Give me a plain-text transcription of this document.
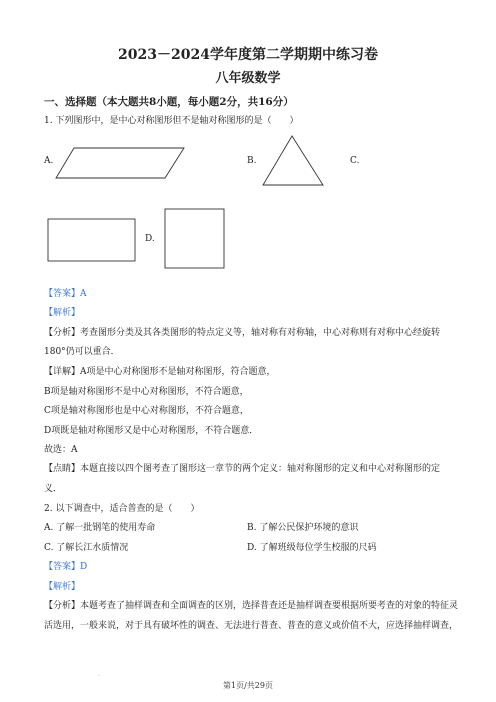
2023－2024学年度第二学期期中练习卷
八年级数学
一、选择题（本大题共8小题，每小题2分，共16分）
1. 下列图形中，是中心对称图形但不是轴对称图形的是（　　）
A.	B.	C.
D.
【答案】A
【解析】
【分析】考查图形分类及其各类图形的特点定义等，轴对称有对称轴，中心对称则有对称中心经旋转
180°仍可以重合．
【详解】A项是中心对称图形不是轴对称图形，符合题意，
B项是轴对称图形不是中心对称图形，不符合题意，
C项是轴对称图形也是中心对称图形，不符合题意，
D项既是轴对称图形又是中心对称图形，不符合题意．
故选：A
【点睛】本题直接以四个图考查了图形这一章节的两个定义：轴对称图形的定义和中心对称图形的定
义．
2. 以下调查中，适合普查的是（　　）
A. 了解一批钢笔的使用寿命	B. 了解公民保护环境的意识
C. 了解长江水质情况	D. 了解班级每位学生校服的尺码
【答案】D
【解析】
【分析】本题考查了抽样调查和全面调查的区别，选择普查还是抽样调查要根据所要考查的对象的特征灵
活选用，一般来说，对于具有破坏性的调查、无法进行普查、普查的意义或价值不大，应选择抽样调查，
.
第1页/共29页
